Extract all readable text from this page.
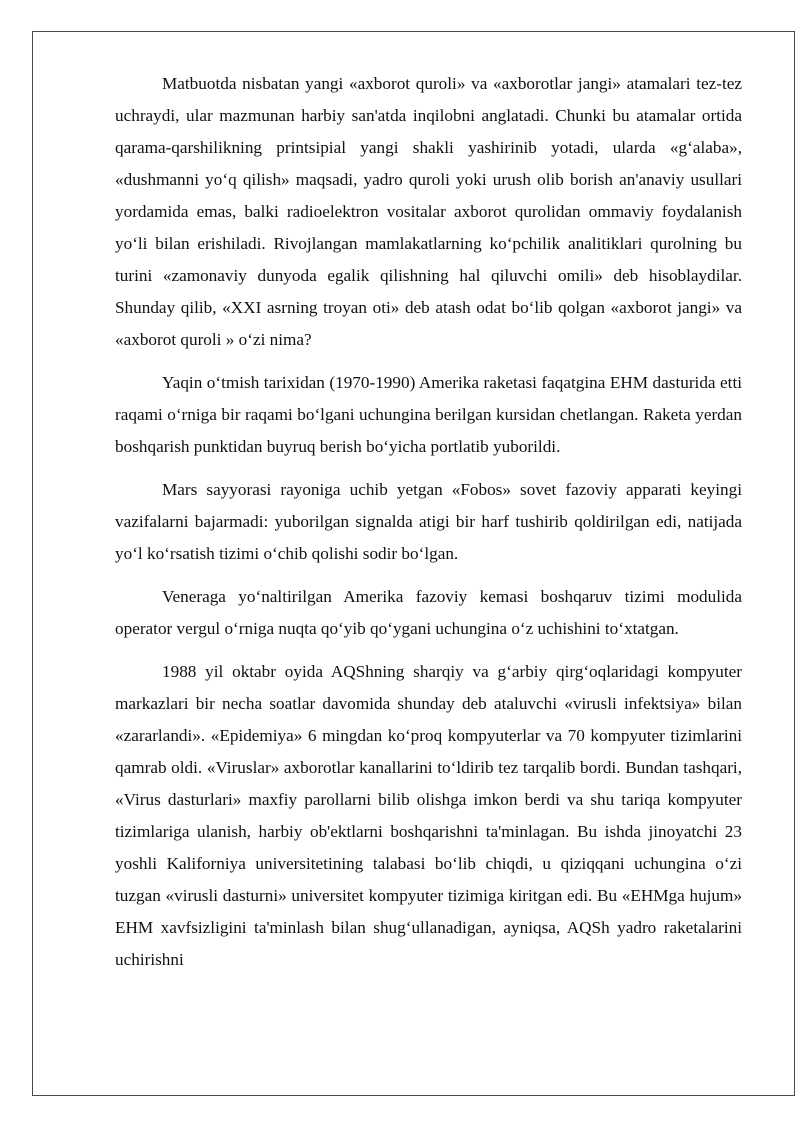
Matbuotda nisbatan yangi «axborot quroli» va «axborotlar jangi» atamalari tez-tez uchraydi, ular mazmunan harbiy san'atda inqilobni anglatadi. Chunki bu atamalar ortida qarama-qarshilikning printsipial yangi shakli yashirinib yotadi, ularda «g‘alaba», «dushmanni yo‘q qilish» maqsadi, yadro quroli yoki urush olib borish an'anaviy usullari yordamida emas, balki radioelektron vositalar axborot qurolidan ommaviy foydalanish yo‘li bilan erishiladi. Rivojlangan mamlakatlarning ko‘pchilik analitiklari qurolning bu turini «zamonaviy dunyoda egalik qilishning hal qiluvchi omili» deb hisoblaydilar. Shunday qilib, «XXI asrning troyan oti» deb atash odat bo‘lib qolgan «axborot jangi» va «axborot quroli » o‘zi nima?

Yaqin o‘tmish tarixidan (1970-1990) Amerika raketasi faqatgina EHM dasturida etti raqami o‘rniga bir raqami bo‘lgani uchungina berilgan kursidan chetlangan. Raketa yerdan boshqarish punktidan buyruq berish bo‘yicha portlatib yuborildi.

Mars sayyorasi rayoniga uchib yetgan «Fobos» sovet fazoviy apparati keyingi vazifalarni bajarmadi: yuborilgan signalda atigi bir harf tushirib qoldirilgan edi, natijada yo‘l ko‘rsatish tizimi o‘chib qolishi sodir bo‘lgan.

Veneraga yo‘naltirilgan Amerika fazoviy kemasi boshqaruv tizimi modulida operator vergul o‘rniga nuqta qo‘yib qo‘ygani uchungina o‘z uchishini to‘xtatgan.

1988 yil oktabr oyida AQShning sharqiy va g‘arbiy qirg‘oqlaridagi kompyuter markazlari bir necha soatlar davomida shunday deb ataluvchi «virusli infektsiya» bilan «zararlandi». «Epidemiya» 6 mingdan ko‘proq kompyuterlar va 70 kompyuter tizimlarini qamrab oldi. «Viruslar» axborotlar kanallarini to‘ldirib tez tarqalib bordi. Bundan tashqari, «Virus dasturlari» maxfiy parollarni bilib olishga imkon berdi va shu tariqa kompyuter tizimlariga ulanish, harbiy ob'ektlarni boshqarishni ta'minlagan. Bu ishda jinoyatchi 23 yoshli Kaliforniya universitetining talabasi bo‘lib chiqdi, u qiziqqani uchungina o‘zi tuzgan «virusli dasturni» universitet kompyuter tizimiga kiritgan edi. Bu «EHMga hujum» EHM xavfsizligini ta'minlash bilan shug‘ullanadigan, ayniqsa, AQSh yadro raketalarini uchirishni
